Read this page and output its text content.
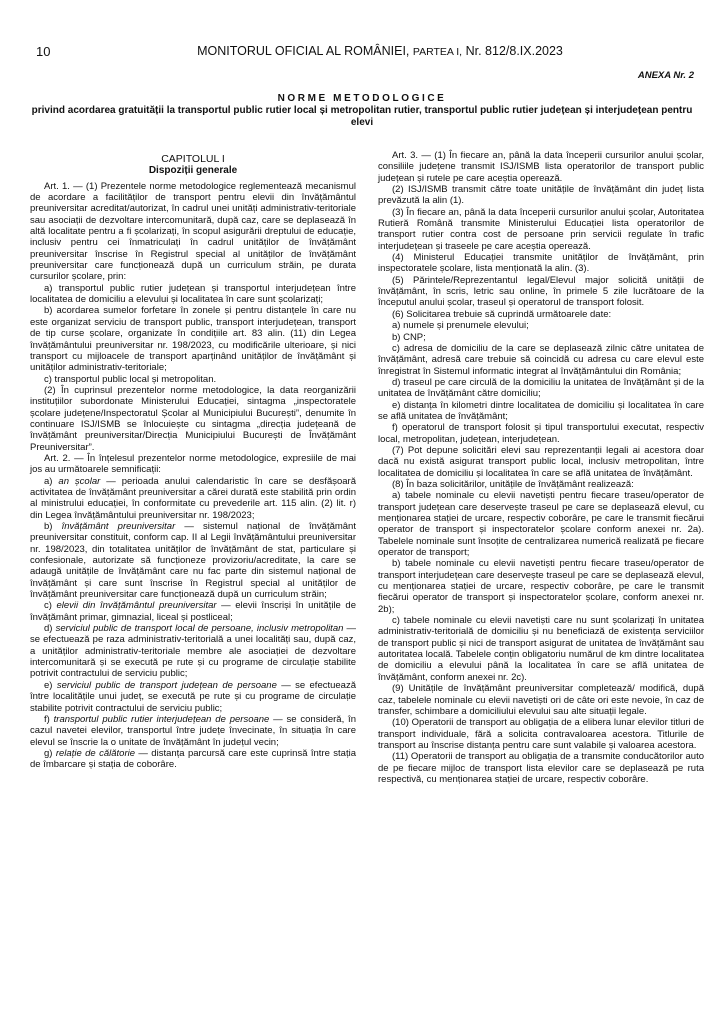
10	MONITORUL OFICIAL AL ROMÂNIEI, PARTEA I, Nr. 812/8.IX.2023
ANEXA Nr. 2
NORME METODOLOGICE
privind acordarea gratuității la transportul public rutier local și metropolitan rutier, transportul public rutier județean și interjudețean pentru elevi
CAPITOLUL I
Dispoziții generale

Art. 1. — (1) Prezentele norme metodologice reglementează mecanismul de acordare a facilităților de transport pentru elevii din învățământul preuniversitar acreditat/autorizat, în cadrul unei unități administrativ-teritoriale sau asociații de dezvoltare intercomunitară, după caz, care se deplasează în altă localitate pentru a fi școlarizați, în scopul asigurării dreptului de educație, inclusiv pentru cei înmatriculați în cadrul unităților de învățământ preuniversitar înscrise în Registrul special al unităților de învățământ preuniversitar care funcționează după un curriculum străin, pe durata cursurilor școlare, prin:

a) transportul public rutier județean și transportul interjudețean între localitatea de domiciliu a elevului și localitatea în care sunt școlarizați;

b) acordarea sumelor forfetare în zonele și pentru distanțele în care nu este organizat serviciu de transport public, transport interjudețean, transport de tip curse școlare, organizate în condițiile art. 83 alin. (11) din Legea învățământului preuniversitar nr. 198/2023, cu modificările ulterioare, și nici transport cu mijloacele de transport aparținând unităților de învățământ și unităților administrativ-teritoriale;

c) transportul public local și metropolitan.

(2) În cuprinsul prezentelor norme metodologice, la data reorganizării instituțiilor subordonate Ministerului Educației, sintagma „inspectoratele școlare județene/Inspectoratul Școlar al Municipiului București”, denumite în continuare ISJ/ISMB se înlocuiește cu sintagma „direcția județeană de învățământ preuniversitar/Direcția Municipiului București de Învățământ Preuniversitar”.

Art. 2. — În înțelesul prezentelor norme metodologice, expresiile de mai jos au următoarele semnificații:

a) an școlar — perioada anului calendaristic în care se desfășoară activitatea de învățământ preuniversitar a cărei durată este stabilită prin ordin al ministrului educației, în conformitate cu prevederile art. 115 alin. (2) lit. r) din Legea învățământului preuniversitar nr. 198/2023;

b) învățământ preuniversitar — sistemul național de învățământ preuniversitar constituit, conform cap. II al Legii învățământului preuniversitar nr. 198/2023, din totalitatea unităților de învățământ de stat, particulare și confesionale, autorizate să funcționeze provizoriu/acreditate, la care se adaugă unitățile de învățământ care nu fac parte din sistemul național de învățământ și care sunt înscrise în Registrul special al unităților de învățământ preuniversitar care funcționează după un curriculum străin;

c) elevii din învățământul preuniversitar — elevii înscriși în unitățile de învățământ primar, gimnazial, liceal și postliceal;

d) serviciul public de transport local de persoane, inclusiv metropolitan — se efectuează pe raza administrativ-teritorială a unei localități sau, după caz, a unităților administrativ-teritoriale membre ale asociației de dezvoltare intercomunitară și se execută pe rute și cu programe de circulație stabilite potrivit contractului de serviciu public;

e) serviciul public de transport județean de persoane — se efectuează între localitățile unui județ, se execută pe rute și cu programe de circulație stabilite potrivit contractului de serviciu public;

f) transportul public rutier interjudețean de persoane — se consideră, în cazul navetei elevilor, transportul între județe învecinate, în situația în care elevul se înscrie la o unitate de învățământ în județul vecin;

g) relație de călătorie — distanța parcursă care este cuprinsă între stația de îmbarcare și stația de coborâre.

Art. 3. — (1) În fiecare an, până la data începerii cursurilor anului școlar, consiliile județene transmit ISJ/ISMB lista operatorilor de transport public județean și rutele pe care aceștia operează.

(2) ISJ/ISMB transmit către toate unitățile de învățământ din județ lista prevăzută la alin (1).

(3) În fiecare an, până la data începerii cursurilor anului școlar, Autoritatea Rutieră Română transmite Ministerului Educației lista operatorilor de transport rutier contra cost de persoane prin servicii regulate în trafic interjudețean și traseele pe care aceștia operează.

(4) Ministerul Educației transmite unităților de învățământ, prin inspectoratele școlare, lista menționată la alin. (3).

(5) Părintele/Reprezentantul legal/Elevul major solicită unității de învățământ, în scris, letric sau online, în primele 5 zile lucrătoare de la începutul anului școlar, traseul și operatorul de transport folosit.

(6) Solicitarea trebuie să cuprindă următoarele date:

a) numele și prenumele elevului;

b) CNP;

c) adresa de domiciliu de la care se deplasează zilnic către unitatea de învățământ, adresă care trebuie să coincidă cu adresa cu care elevul este înregistrat în Sistemul informatic integrat al învățământului din România;

d) traseul pe care circulă de la domiciliu la unitatea de învățământ și de la unitatea de învățământ către domiciliu;

e) distanța în kilometri dintre localitatea de domiciliu și localitatea în care se află unitatea de învățământ;

f) operatorul de transport folosit și tipul transportului executat, respectiv local, metropolitan, județean, interjudețean.

(7) Pot depune solicitări elevi sau reprezentanții legali ai acestora doar dacă nu există asigurat transport public local, inclusiv metropolitan, între localitatea de domiciliu și localitatea în care se află unitatea de învățământ.

(8) În baza solicitărilor, unitățile de învățământ realizează:

a) tabele nominale cu elevii navetiști pentru fiecare traseu/operator de transport județean care deservește traseul pe care se deplasează elevul, cu menționarea stației de urcare, respectiv coborâre, pe care le transmit fiecărui operator de transport și inspectoratelor școlare conform anexei nr. 2a). Tabelele nominale sunt însoțite de centralizarea numerică realizată pe fiecare operator de transport;

b) tabele nominale cu elevii navetiști pentru fiecare traseu/operator de transport interjudețean care deservește traseul pe care se deplasează elevul, cu menționarea stației de urcare, respectiv coborâre, pe care le transmit fiecărui operator de transport și inspectoratelor școlare, conform anexei nr. 2b);

c) tabele nominale cu elevii navetiști care nu sunt școlarizați în unitatea administrativ-teritorială de domiciliu și nu beneficiază de existența serviciilor de transport public și nici de transport asigurat de unitatea de învățământ sau autoritatea locală. Tabelele conțin obligatoriu numărul de km dintre localitatea de domiciliu a elevului până la localitatea în care se află unitatea de învățământ, conform anexei nr. 2c).

(9) Unitățile de învățământ preuniversitar completează/ modifică, după caz, tabelele nominale cu elevii navetiști ori de câte ori este nevoie, în caz de transfer, schimbare a domiciliului elevului sau alte situații legale.

(10) Operatorii de transport au obligația de a elibera lunar elevilor titluri de transport individuale, fără a solicita contravaloarea acestora. Titlurile de transport au înscrise distanța pentru care sunt valabile și valoarea acestora.

(11) Operatorii de transport au obligația de a transmite conducătorilor auto de pe fiecare mijloc de transport lista elevilor care se deplasează pe ruta respectivă, cu menționarea stației de urcare, respectiv coborâre.
